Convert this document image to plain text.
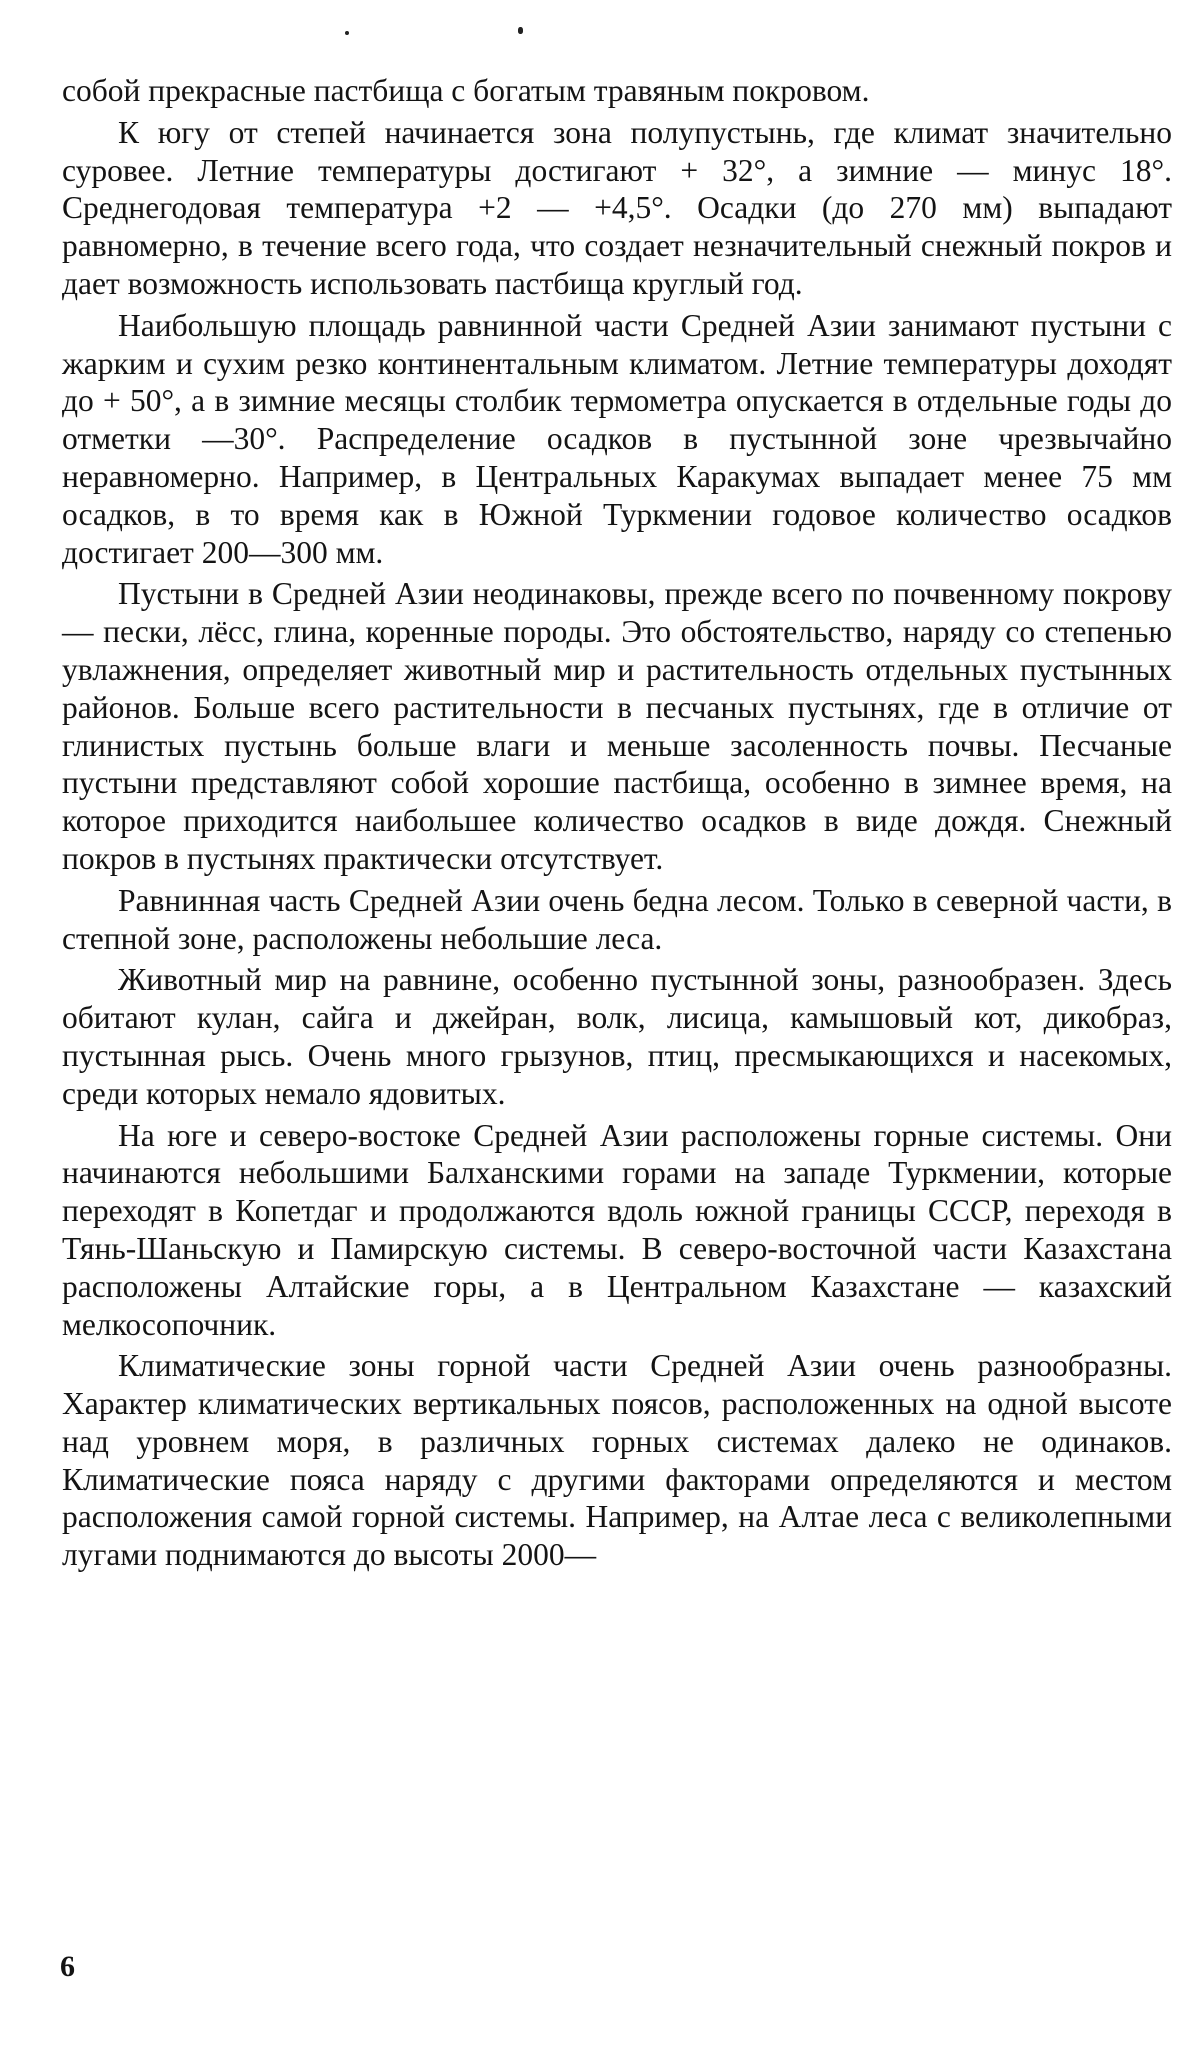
собой прекрасные пастбища с богатым травяным покровом.

К югу от степей начинается зона полупустынь, где климат значительно суровее. Летние температуры достигают + 32°, а зимние — минус 18°. Среднегодовая температура +2 — +4,5°. Осадки (до 270 мм) выпадают равномерно, в течение всего года, что создает незначительный снежный покров и дает возможность использовать пастбища круглый год.

Наибольшую площадь равнинной части Средней Азии занимают пустыни с жарким и сухим резко континентальным климатом. Летние температуры доходят до + 50°, а в зимние месяцы столбик термометра опускается в отдельные годы до отметки —30°. Распределение осадков в пустынной зоне чрезвычайно неравномерно. Например, в Центральных Каракумах выпадает менее 75 мм осадков, в то время как в Южной Туркмении годовое количество осадков достигает 200—300 мм.

Пустыни в Средней Азии неодинаковы, прежде всего по почвенному покрову — пески, лёсс, глина, коренные породы. Это обстоятельство, наряду со степенью увлажнения, определяет животный мир и растительность отдельных пустынных районов. Больше всего растительности в песчаных пустынях, где в отличие от глинистых пустынь больше влаги и меньше засоленность почвы. Песчаные пустыни представляют собой хорошие пастбища, особенно в зимнее время, на которое приходится наибольшее количество осадков в виде дождя. Снежный покров в пустынях практически отсутствует.

Равнинная часть Средней Азии очень бедна лесом. Только в северной части, в степной зоне, расположены небольшие леса.

Животный мир на равнине, особенно пустынной зоны, разнообразен. Здесь обитают кулан, сайга и джейран, волк, лисица, камышовый кот, дикобраз, пустынная рысь. Очень много грызунов, птиц, пресмыкающихся и насекомых, среди которых немало ядовитых.

На юге и северо-востоке Средней Азии расположены горные системы. Они начинаются небольшими Балханскими горами на западе Туркмении, которые переходят в Копетдаг и продолжаются вдоль южной границы СССР, переходя в Тянь-Шаньскую и Памирскую системы. В северо-восточной части Казахстана расположены Алтайские горы, а в Центральном Казахстане — казахский мелкосопочник.

Климатические зоны горной части Средней Азии очень разнообразны. Характер климатических вертикальных поясов, расположенных на одной высоте над уровнем моря, в различных горных системах далеко не одинаков. Климатические пояса наряду с другими факторами определяются и местом расположения самой горной системы. Например, на Алтае леса с великолепными лугами поднимаются до высоты 2000—

6
